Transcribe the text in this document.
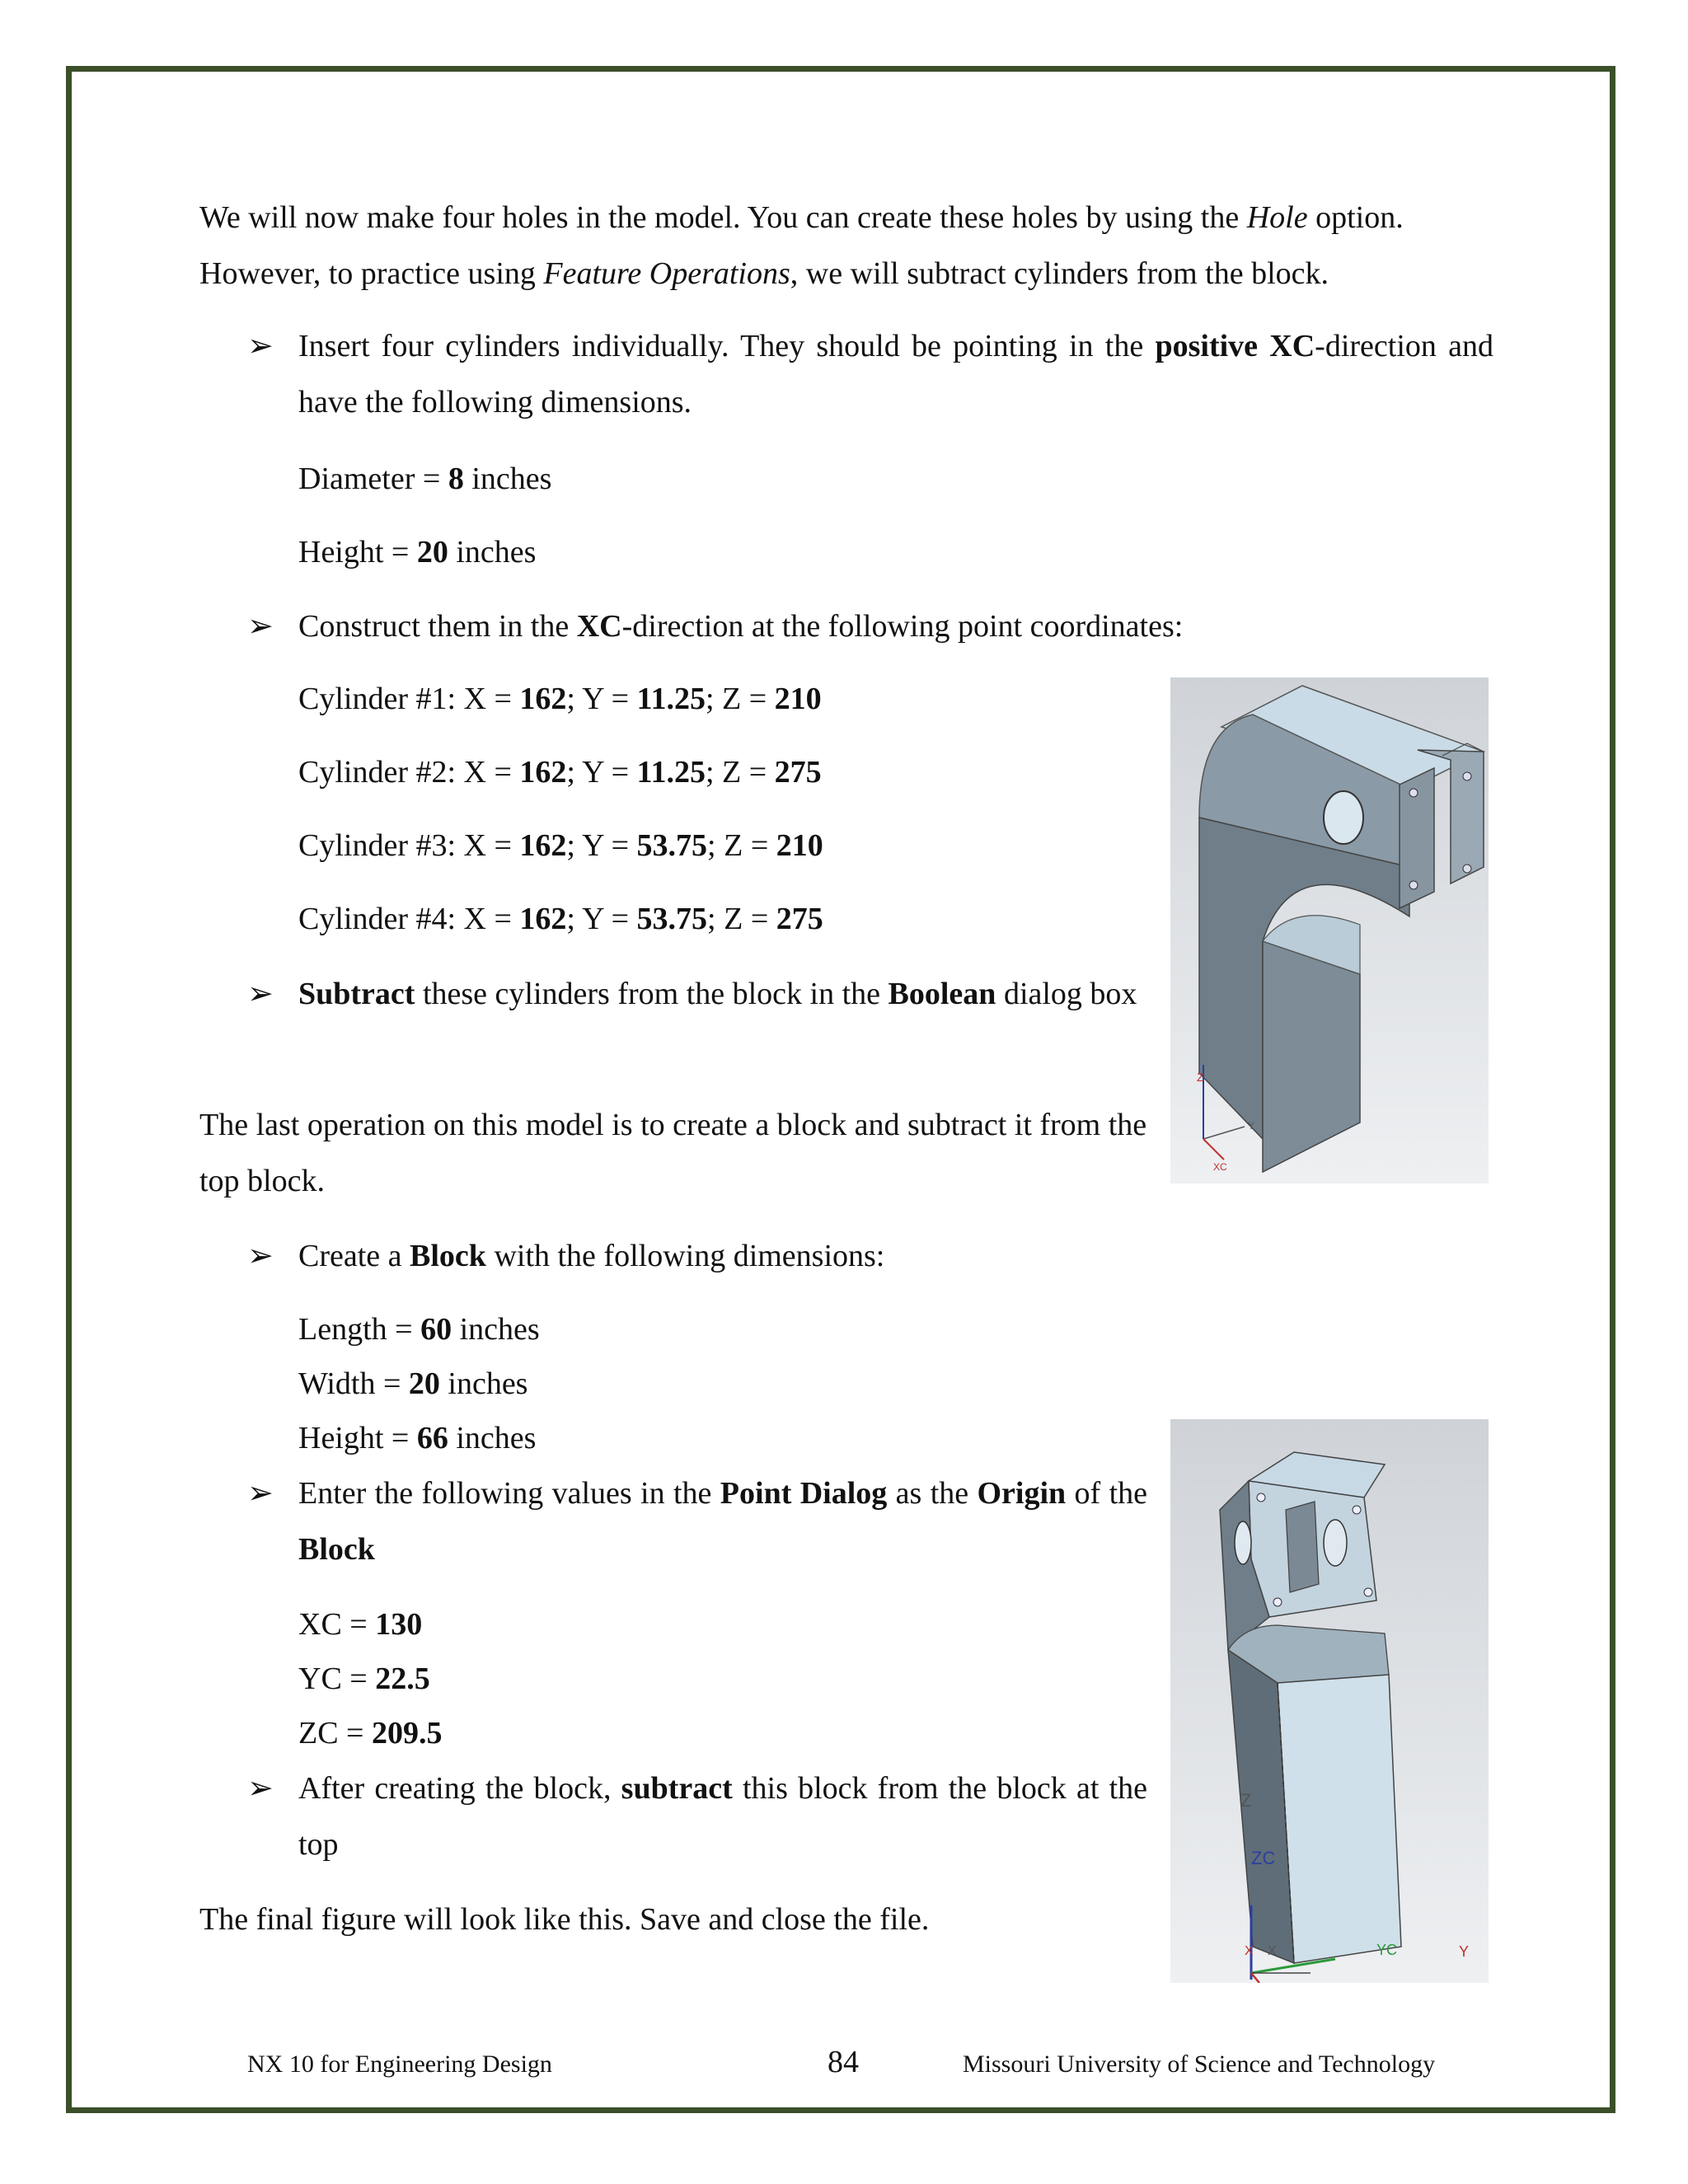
We will now make four holes in the model. You can create these holes by using the Hole option.
However, to practice using Feature Operations, we will subtract cylinders from the block.
➢ Insert four cylinders individually. They should be pointing in the positive XC-direction and have the following dimensions.
Diameter = 8 inches
Height = 20 inches
➢ Construct them in the XC-direction at the following point coordinates:
Cylinder #1: X = 162; Y = 11.25; Z = 210
Cylinder #2: X = 162; Y = 11.25; Z = 275
Cylinder #3: X = 162; Y = 53.75; Z = 210
Cylinder #4: X = 162; Y = 53.75; Z = 275
➢ Subtract these cylinders from the block in the Boolean dialog box
The last operation on this model is to create a block and subtract it from the top block.
➢ Create a Block with the following dimensions:
Length = 60 inches
Width = 20 inches
Height = 66 inches
➢ Enter the following values in the Point Dialog as the Origin of the Block
XC = 130
YC = 22.5
ZC = 209.5
➢ After creating the block, subtract this block from the block at the top
The final figure will look like this. Save and close the file.
Z
XC
Y
Z
ZC
X
X	YC	Y
NX 10 for Engineering Design	84	Missouri University of Science and Technology
